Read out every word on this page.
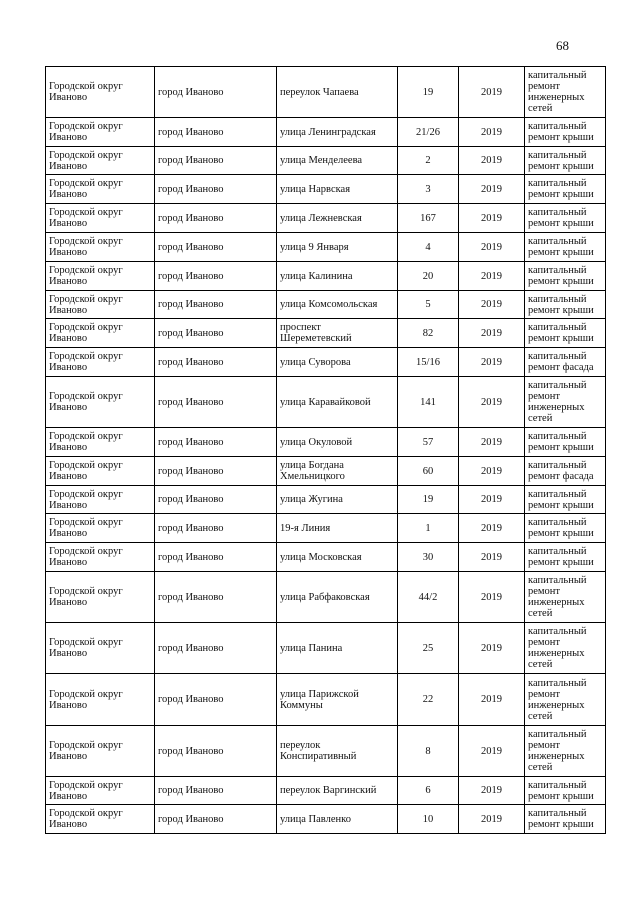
68
Городской округ Иваново	город Иваново	переулок Чапаева	19	2019	капитальный ремонт инженерных сетей
Городской округ Иваново	город Иваново	улица Ленинградская	21/26	2019	капитальный ремонт крыши
Городской округ Иваново	город Иваново	улица Менделеева	2	2019	капитальный ремонт крыши
Городской округ Иваново	город Иваново	улица Нарвская	3	2019	капитальный ремонт крыши
Городской округ Иваново	город Иваново	улица Лежневская	167	2019	капитальный ремонт крыши
Городской округ Иваново	город Иваново	улица 9 Января	4	2019	капитальный ремонт крыши
Городской округ Иваново	город Иваново	улица Калинина	20	2019	капитальный ремонт крыши
Городской округ Иваново	город Иваново	улица Комсомольская	5	2019	капитальный ремонт крыши
Городской округ Иваново	город Иваново	проспект Шереметевский	82	2019	капитальный ремонт крыши
Городской округ Иваново	город Иваново	улица Суворова	15/16	2019	капитальный ремонт фасада
Городской округ Иваново	город Иваново	улица Каравайковой	141	2019	капитальный ремонт инженерных сетей
Городской округ Иваново	город Иваново	улица Окуловой	57	2019	капитальный ремонт крыши
Городской округ Иваново	город Иваново	улица Богдана Хмельницкого	60	2019	капитальный ремонт фасада
Городской округ Иваново	город Иваново	улица Жугина	19	2019	капитальный ремонт крыши
Городской округ Иваново	город Иваново	19-я Линия	1	2019	капитальный ремонт крыши
Городской округ Иваново	город Иваново	улица Московская	30	2019	капитальный ремонт крыши
Городской округ Иваново	город Иваново	улица Рабфаковская	44/2	2019	капитальный ремонт инженерных сетей
Городской округ Иваново	город Иваново	улица Панина	25	2019	капитальный ремонт инженерных сетей
Городской округ Иваново	город Иваново	улица Парижской Коммуны	22	2019	капитальный ремонт инженерных сетей
Городской округ Иваново	город Иваново	переулок Конспиративный	8	2019	капитальный ремонт инженерных сетей
Городской округ Иваново	город Иваново	переулок Варгинский	6	2019	капитальный ремонт крыши
Городской округ Иваново	город Иваново	улица Павленко	10	2019	капитальный ремонт крыши
